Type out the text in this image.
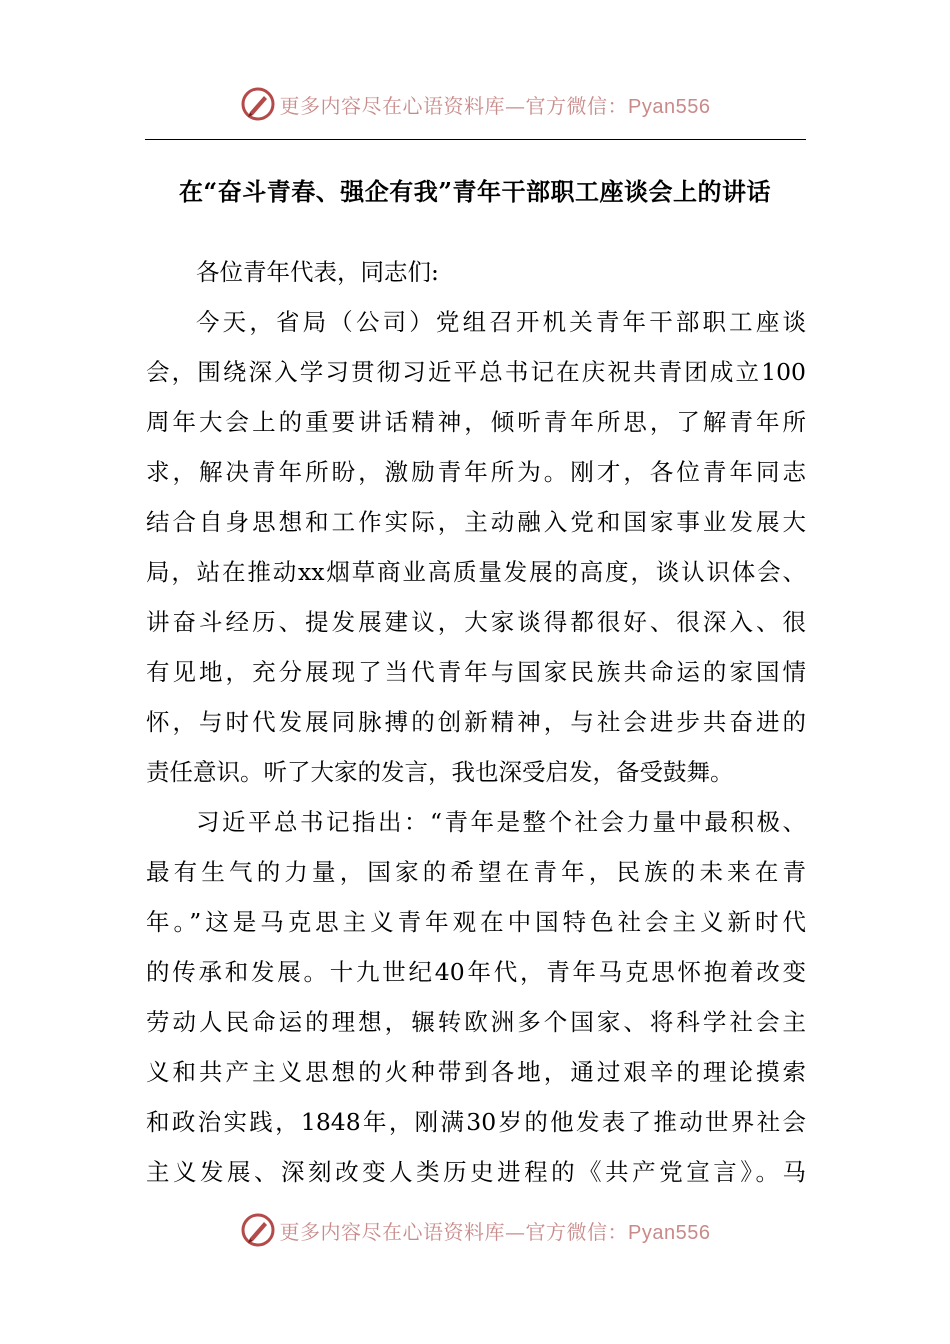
更多内容尽在心语资料库—官方微信：Pyan556
在“奋斗青春、强企有我”青年干部职工座谈会上的讲话
各位青年代表，同志们:

今天，省局（公司）党组召开机关青年干部职工座谈
会，围绕深入学习贯彻习近平总书记在庆祝共青团成立100
周年大会上的重要讲话精神，倾听青年所思，了解青年所
求，解决青年所盼，激励青年所为。刚才，各位青年同志
结合自身思想和工作实际，主动融入党和国家事业发展大
局，站在推动xx烟草商业高质量发展的高度，谈认识体会、
讲奋斗经历、提发展建议，大家谈得都很好、很深入、很
有见地，充分展现了当代青年与国家民族共命运的家国情
怀，与时代发展同脉搏的创新精神，与社会进步共奋进的
责任意识。听了大家的发言，我也深受启发，备受鼓舞。

习近平总书记指出：“青年是整个社会力量中最积极、
最有生气的力量，国家的希望在青年，民族的未来在青
年。”这是马克思主义青年观在中国特色社会主义新时代
的传承和发展。十九世纪40年代，青年马克思怀抱着改变
劳动人民命运的理想，辗转欧洲多个国家、将科学社会主
义和共产主义思想的火种带到各地，通过艰辛的理论摸索
和政治实践，1848年，刚满30岁的他发表了推动世界社会
主义发展、深刻改变人类历史进程的《共产党宣言》。马

更多内容尽在心语资料库—官方微信：Pyan556
